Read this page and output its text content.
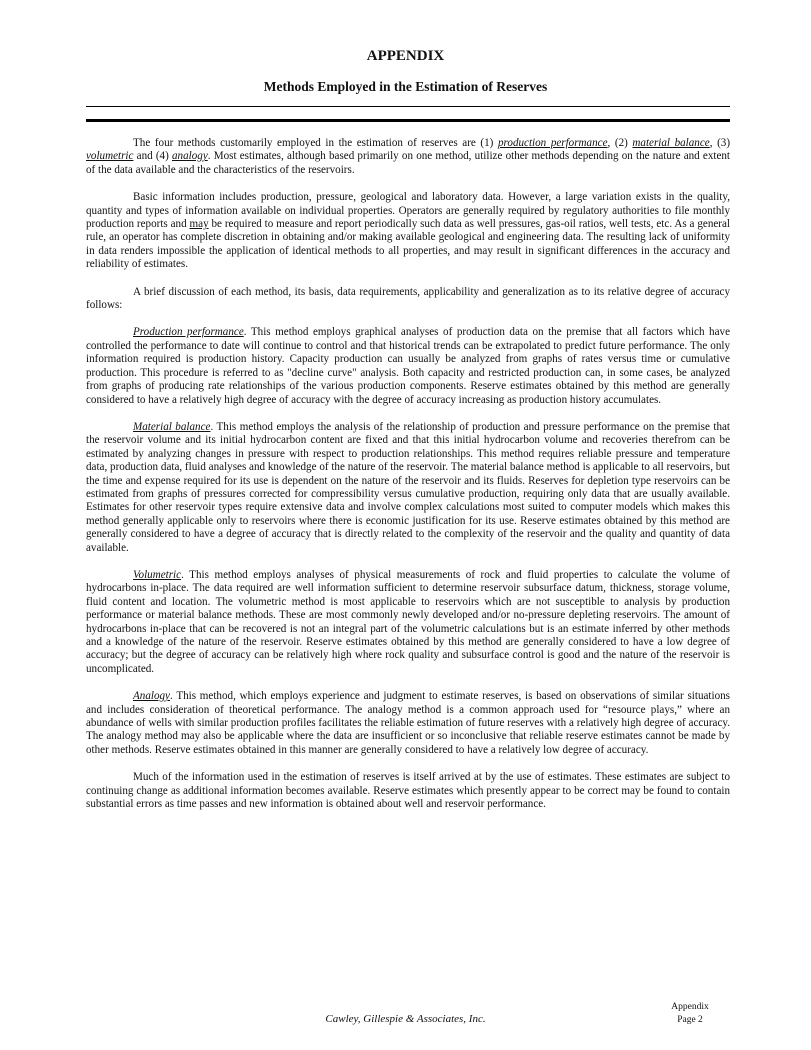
APPENDIX
Methods Employed in the Estimation of Reserves

The four methods customarily employed in the estimation of reserves are (1) production performance, (2) material balance, (3) volumetric and (4) analogy. Most estimates, although based primarily on one method, utilize other methods depending on the nature and extent of the data available and the characteristics of the reservoirs.

Basic information includes production, pressure, geological and laboratory data. However, a large variation exists in the quality, quantity and types of information available on individual properties. Operators are generally required by regulatory authorities to file monthly production reports and may be required to measure and report periodically such data as well pressures, gas-oil ratios, well tests, etc. As a general rule, an operator has complete discretion in obtaining and/or making available geological and engineering data. The resulting lack of uniformity in data renders impossible the application of identical methods to all properties, and may result in significant differences in the accuracy and reliability of estimates.

A brief discussion of each method, its basis, data requirements, applicability and generalization as to its relative degree of accuracy follows:

Production performance. This method employs graphical analyses of production data on the premise that all factors which have controlled the performance to date will continue to control and that historical trends can be extrapolated to predict future performance. The only information required is production history. Capacity production can usually be analyzed from graphs of rates versus time or cumulative production. This procedure is referred to as "decline curve" analysis. Both capacity and restricted production can, in some cases, be analyzed from graphs of producing rate relationships of the various production components. Reserve estimates obtained by this method are generally considered to have a relatively high degree of accuracy with the degree of accuracy increasing as production history accumulates.

Material balance. This method employs the analysis of the relationship of production and pressure performance on the premise that the reservoir volume and its initial hydrocarbon content are fixed and that this initial hydrocarbon volume and recoveries therefrom can be estimated by analyzing changes in pressure with respect to production relationships. This method requires reliable pressure and temperature data, production data, fluid analyses and knowledge of the nature of the reservoir. The material balance method is applicable to all reservoirs, but the time and expense required for its use is dependent on the nature of the reservoir and its fluids. Reserves for depletion type reservoirs can be estimated from graphs of pressures corrected for compressibility versus cumulative production, requiring only data that are usually available. Estimates for other reservoir types require extensive data and involve complex calculations most suited to computer models which makes this method generally applicable only to reservoirs where there is economic justification for its use. Reserve estimates obtained by this method are generally considered to have a degree of accuracy that is directly related to the complexity of the reservoir and the quality and quantity of data available.

Volumetric. This method employs analyses of physical measurements of rock and fluid properties to calculate the volume of hydrocarbons in-place. The data required are well information sufficient to determine reservoir subsurface datum, thickness, storage volume, fluid content and location. The volumetric method is most applicable to reservoirs which are not susceptible to analysis by production performance or material balance methods. These are most commonly newly developed and/or no-pressure depleting reservoirs. The amount of hydrocarbons in-place that can be recovered is not an integral part of the volumetric calculations but is an estimate inferred by other methods and a knowledge of the nature of the reservoir. Reserve estimates obtained by this method are generally considered to have a low degree of accuracy; but the degree of accuracy can be relatively high where rock quality and subsurface control is good and the nature of the reservoir is uncomplicated.

Analogy. This method, which employs experience and judgment to estimate reserves, is based on observations of similar situations and includes consideration of theoretical performance. The analogy method is a common approach used for “resource plays,” where an abundance of wells with similar production profiles facilitates the reliable estimation of future reserves with a relatively high degree of accuracy. The analogy method may also be applicable where the data are insufficient or so inconclusive that reliable reserve estimates cannot be made by other methods. Reserve estimates obtained in this manner are generally considered to have a relatively low degree of accuracy.

Much of the information used in the estimation of reserves is itself arrived at by the use of estimates. These estimates are subject to continuing change as additional information becomes available. Reserve estimates which presently appear to be correct may be found to contain substantial errors as time passes and new information is obtained about well and reservoir performance.

Cawley, Gillespie & Associates, Inc.
Appendix
Page 2
